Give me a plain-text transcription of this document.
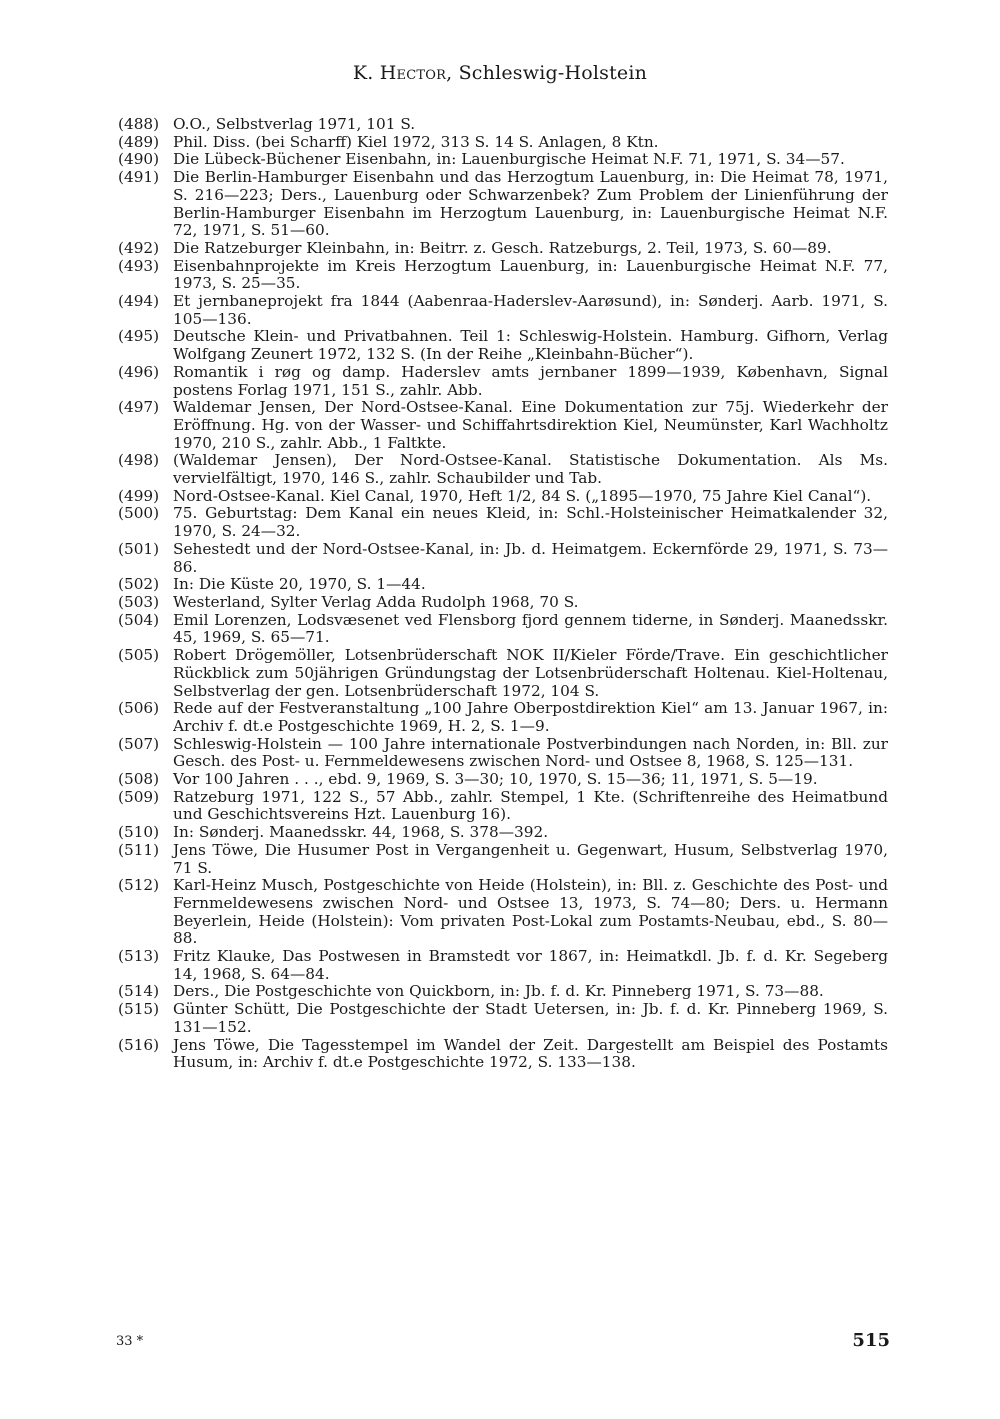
K. Hector, Schleswig-Holstein
(488) O.O., Selbstverlag 1971, 101 S.
(489) Phil. Diss. (bei Scharff) Kiel 1972, 313 S. 14 S. Anlagen, 8 Ktn.
(490) Die Lübeck-Büchener Eisenbahn, in: Lauenburgische Heimat N.F. 71, 1971, S. 34—57.
(491) Die Berlin-Hamburger Eisenbahn und das Herzogtum Lauenburg, in: Die Heimat 78, 1971, S. 216—223; Ders., Lauenburg oder Schwarzenbek? Zum Problem der Linienführung der Berlin-Hamburger Eisenbahn im Herzogtum Lauenburg, in: Lauenburgische Heimat N.F. 72, 1971, S. 51—60.
(492) Die Ratzeburger Kleinbahn, in: Beitrr. z. Gesch. Ratzeburgs, 2. Teil, 1973, S. 60—89.
(493) Eisenbahnprojekte im Kreis Herzogtum Lauenburg, in: Lauenburgische Heimat N.F. 77, 1973, S. 25—35.
(494) Et jernbaneprojekt fra 1844 (Aabenraa-Haderslev-Aarøsund), in: Sønderj. Aarb. 1971, S. 105—136.
(495) Deutsche Klein- und Privatbahnen. Teil 1: Schleswig-Holstein. Hamburg. Gifhorn, Verlag Wolfgang Zeunert 1972, 132 S. (In der Reihe „Kleinbahn-Bücher“).
(496) Romantik i røg og damp. Haderslev amts jernbaner 1899—1939, København, Signal postens Forlag 1971, 151 S., zahlr. Abb.
(497) Waldemar Jensen, Der Nord-Ostsee-Kanal. Eine Dokumentation zur 75j. Wiederkehr der Eröffnung. Hg. von der Wasser- und Schiffahrtsdirektion Kiel, Neumünster, Karl Wachholtz 1970, 210 S., zahlr. Abb., 1 Faltkte.
(498) (Waldemar Jensen), Der Nord-Ostsee-Kanal. Statistische Dokumentation. Als Ms. vervielfältigt, 1970, 146 S., zahlr. Schaubilder und Tab.
(499) Nord-Ostsee-Kanal. Kiel Canal, 1970, Heft 1/2, 84 S. („1895—1970, 75 Jahre Kiel Canal“).
(500) 75. Geburtstag: Dem Kanal ein neues Kleid, in: Schl.-Holsteinischer Heimatkalender 32, 1970, S. 24—32.
(501) Sehestedt und der Nord-Ostsee-Kanal, in: Jb. d. Heimatgem. Eckernförde 29, 1971, S. 73—86.
(502) In: Die Küste 20, 1970, S. 1—44.
(503) Westerland, Sylter Verlag Adda Rudolph 1968, 70 S.
(504) Emil Lorenzen, Lodsvæsenet ved Flensborg fjord gennem tiderne, in Sønderj. Maanedsskr. 45, 1969, S. 65—71.
(505) Robert Drögemöller, Lotsenbrüderschaft NOK II/Kieler Förde/Trave. Ein geschichtlicher Rückblick zum 50jährigen Gründungstag der Lotsenbrüderschaft Holtenau. Kiel-Holtenau, Selbstverlag der gen. Lotsenbrüderschaft 1972, 104 S.
(506) Rede auf der Festveranstaltung „100 Jahre Oberpostdirektion Kiel“ am 13. Januar 1967, in: Archiv f. dt.e Postgeschichte 1969, H. 2, S. 1—9.
(507) Schleswig-Holstein — 100 Jahre internationale Postverbindungen nach Norden, in: Bll. zur Gesch. des Post- u. Fernmeldewesens zwischen Nord- und Ostsee 8, 1968, S. 125—131.
(508) Vor 100 Jahren . . ., ebd. 9, 1969, S. 3—30; 10, 1970, S. 15—36; 11, 1971, S. 5—19.
(509) Ratzeburg 1971, 122 S., 57 Abb., zahlr. Stempel, 1 Kte. (Schriftenreihe des Heimatbund und Geschichtsvereins Hzt. Lauenburg 16).
(510) In: Sønderj. Maanedsskr. 44, 1968, S. 378—392.
(511) Jens Töwe, Die Husumer Post in Vergangenheit u. Gegenwart, Husum, Selbstverlag 1970, 71 S.
(512) Karl-Heinz Musch, Postgeschichte von Heide (Holstein), in: Bll. z. Geschichte des Post- und Fernmeldewesens zwischen Nord- und Ostsee 13, 1973, S. 74—80; Ders. u. Hermann Beyerlein, Heide (Holstein): Vom privaten Post-Lokal zum Postamts-Neubau, ebd., S. 80—88.
(513) Fritz Klauke, Das Postwesen in Bramstedt vor 1867, in: Heimatkdl. Jb. f. d. Kr. Segeberg 14, 1968, S. 64—84.
(514) Ders., Die Postgeschichte von Quickborn, in: Jb. f. d. Kr. Pinneberg 1971, S. 73—88.
(515) Günter Schütt, Die Postgeschichte der Stadt Uetersen, in: Jb. f. d. Kr. Pinneberg 1969, S. 131—152.
(516) Jens Töwe, Die Tagesstempel im Wandel der Zeit. Dargestellt am Beispiel des Postamts Husum, in: Archiv f. dt.e Postgeschichte 1972, S. 133—138.
33 *	515
